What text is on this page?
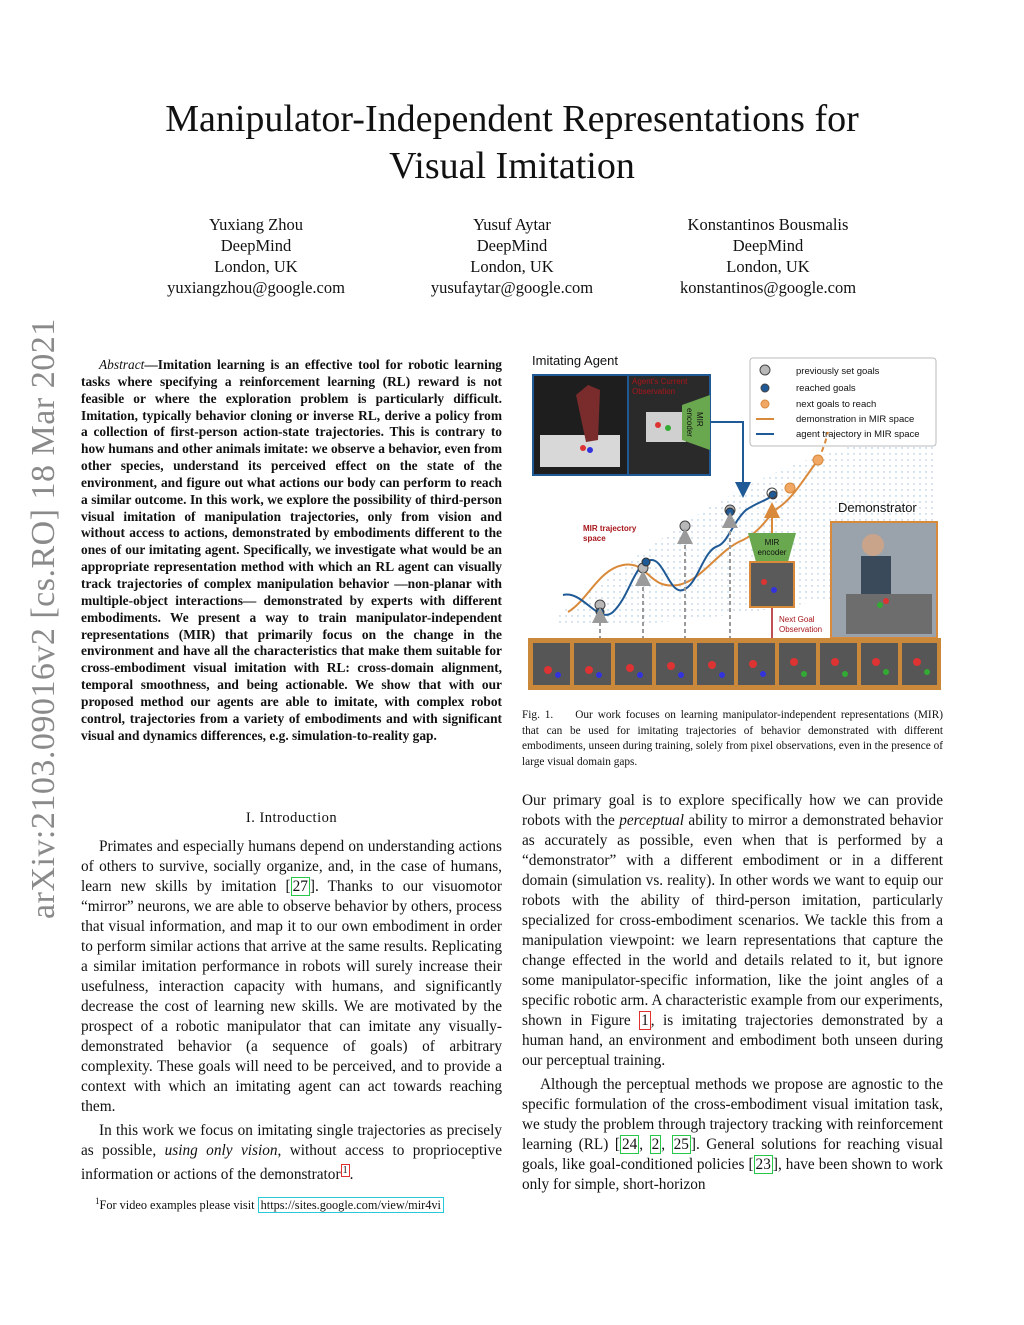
Manipulator-Independent Representations for
Visual Imitation
Yuxiang Zhou
DeepMind
London, UK
yuxiangzhou@google.com
Yusuf Aytar
DeepMind
London, UK
yusufaytar@google.com
Konstantinos Bousmalis
DeepMind
London, UK
konstantinos@google.com
arXiv:2103.09016v2 [cs.RO] 18 Mar 2021	Abstract—Imitation learning is an effective tool for robotic learning tasks where specifying a reinforcement learning (RL) reward is not feasible or where the exploration problem is particularly difficult. Imitation, typically behavior cloning or inverse RL, derive a policy from a collection of first-person action-state trajectories. This is contrary to how humans and other animals imitate: we observe a behavior, even from other species, understand its perceived effect on the state of the environment, and figure out what actions our body can perform to reach a similar outcome. In this work, we explore the possibility of third-person visual imitation of manipulation trajectories, only from vision and without access to actions, demonstrated by embodiments different to the ones of our imitating agent. Specifically, we investigate what would be an appropriate representation method with which an RL agent can visually track trajectories of complex manipulation behavior —non-planar with multiple-object interactions— demonstrated by experts with different embodiments. We present a way to train manipulator-independent representations (MIR) that primarily focus on the change in the environment and have all the characteristics that make them suitable for cross-embodiment visual imitation with RL: cross-domain alignment, temporal smoothness, and being actionable. We show that with our proposed method our agents are able to imitate, with complex robot control, trajectories from a variety of embodiments and with significant visual and dynamics differences, e.g. simulation-to-reality gap.
I. Introduction

Primates and especially humans depend on understanding actions of others to survive, socially organize, and, in the case of humans, learn new skills by imitation [ 27 ]. Thanks to our visuomotor “mirror” neurons, we are able to observe behavior by others, process that visual information, and map it to our own embodiment in order to perform similar actions that arrive at the same results. Replicating a similar imitation performance in robots will surely increase their usefulness, interaction capacity with humans, and significantly decrease the cost of learning new skills. We are motivated by the prospect of a robotic manipulator that can imitate any visually-demonstrated behavior (a sequence of goals) of arbitrary complexity. These goals will need to be perceived, and to provide a context with which an imitating agent can act towards reaching them.

In this work we focus on imitating single trajectories as precisely as possible, using only vision, without access to proprioceptive information or actions of the demonstrator $^1$ .

$^1$For video examples please visit https://sites.google.com/view/mir4vi
Imitating Agent
Agent's Current
Observation
MIR
encoder
previously set goals
reached goals
next goals to reach
demonstration in MIR space
agent trajectory in MIR space
MIR trajectory
space	MIR
encoder
Next Goal
Observation
Demonstrator
Fig. 1. Our work focuses on learning manipulator-independent representations (MIR) that can be used for imitating trajectories of behavior demonstrated with different embodiments, unseen during training, solely from pixel observations, even in the presence of large visual domain gaps.

Our primary goal is to explore specifically how we can provide robots with the perceptual ability to mirror a demonstrated behavior as accurately as possible, even when that is performed by a “demonstrator” with a different embodiment or in a different domain (simulation vs. reality). In other words we want to equip our robots with the ability of third-person imitation, particularly specialized for cross-embodiment scenarios. We tackle this from a manipulation viewpoint: we learn representations that capture the change effected in the world and details related to it, but ignore some manipulator-specific information, like the joint angles of a specific robotic arm. A characteristic example from our experiments, shown in Figure 1 , is imitating trajectories demonstrated by a human hand, an environment and embodiment both unseen during our perceptual training.

Although the perceptual methods we propose are agnostic to the specific formulation of the cross-embodiment visual imitation task, we study the problem through trajectory tracking with reinforcement learning (RL) [ 24 , 2 , 25 ]. General solutions for reaching visual goals, like goal-conditioned policies [ 23 ], have been shown to work only for simple, short-horizon
